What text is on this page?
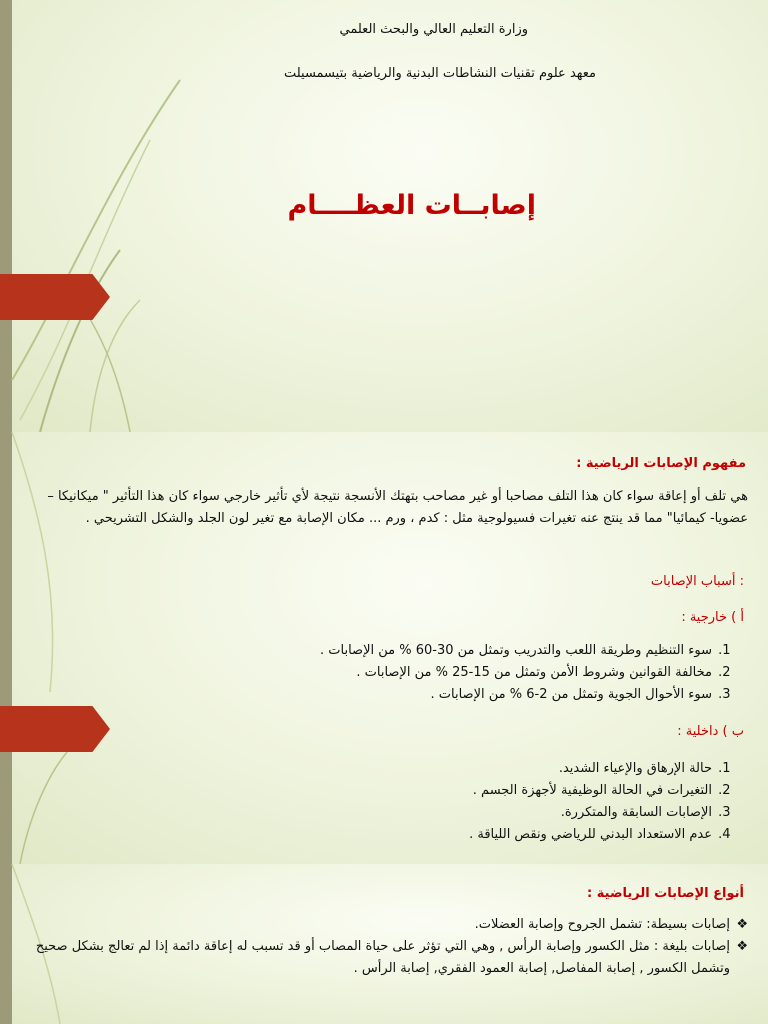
وزارة التعليم العالي والبحث العلمي
معهد علوم تقنيات النشاطات البدنية والرياضية بتيسمسيلت
إصابــات العظــــام
مفهوم الإصابات الرياضية :
هي تلف أو إعاقة سواء كان هذا التلف مصاحبا أو غير مصاحب بتهتك الأنسجة نتيجة لأي تأثير خارجي سواء كان هذا التأثير " ميكانيكا – عضويا- كيمائيا" مما قد ينتج عنه تغيرات فسيولوجية مثل : كدم ، ورم ... مكان الإصابة مع تغير لون الجلد والشكل التشريحي .
: أسباب الإصابات
أ ) خارجية :
1. سوء التنظيم وطريقة اللعب والتدريب وتمثل من 30-60 % من الإصابات .
2. مخالفة القوانين وشروط الأمن وتمثل من 15-25 % من الإصابات .
3. سوء الأحوال الجوية وتمثل من 2-6 % من الإصابات .
ب ) داخلية :
1. حالة الإرهاق والإعياء الشديد.
2. التغيرات في الحالة الوظيفية لأجهزة الجسم .
3. الإصابات السابقة والمتكررة.
4. عدم الاستعداد البدني للرياضي ونقص اللياقة .
أنواع الإصابات الرياضية :
❖
إصابات بسيطة: تشمل الجروح وإصابة العضلات.
❖
إصابات بليغة : مثل الكسور وإصابة الرأس , وهي التي تؤثر على حياة المصاب أو قد تسبب له إعاقة دائمة إذا لم تعالج بشكل صحيح وتشمل الكسور , إصابة المفاصل, إصابة العمود الفقري, إصابة الرأس .
